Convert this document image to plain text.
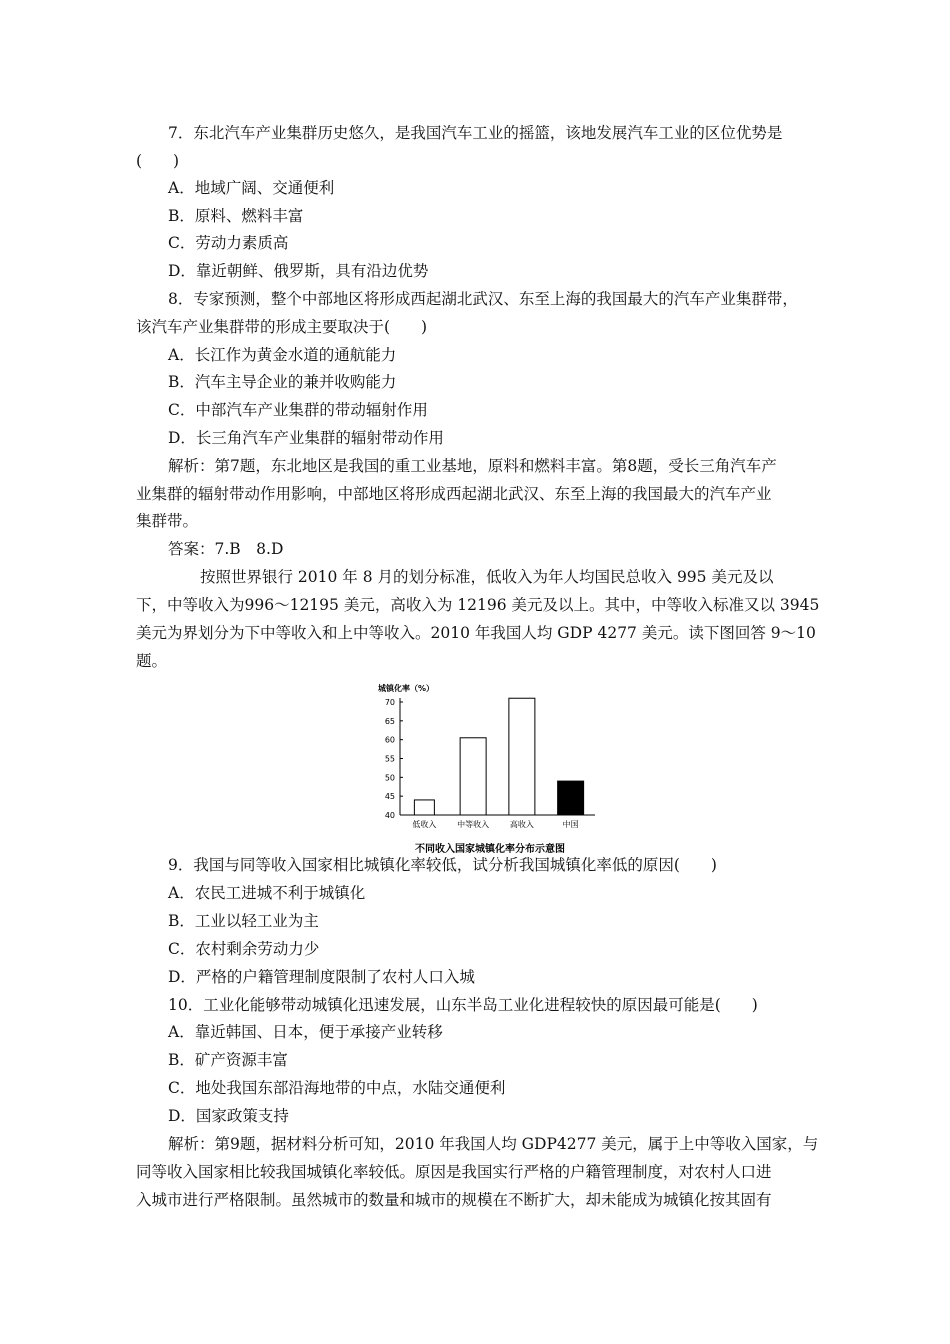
7．东北汽车产业集群历史悠久，是我国汽车工业的摇篮，该地发展汽车工业的区位优势是
(　　)
A．地域广阔、交通便利
B．原料、燃料丰富
C．劳动力素质高
D．靠近朝鲜、俄罗斯，具有沿边优势
8．专家预测，整个中部地区将形成西起湖北武汉、东至上海的我国最大的汽车产业集群带，
该汽车产业集群带的形成主要取决于(　　)
A．长江作为黄金水道的通航能力
B．汽车主导企业的兼并收购能力
C．中部汽车产业集群的带动辐射作用
D．长三角汽车产业集群的辐射带动作用
解析：第7题，东北地区是我国的重工业基地，原料和燃料丰富。第8题，受长三角汽车产
业集群的辐射带动作用影响，中部地区将形成西起湖北武汉、东至上海的我国最大的汽车产业
集群带。
答案：7.B　8.D
按照世界银行 2010 年 8 月的划分标准，低收入为年人均国民总收入 995 美元及以
下，中等收入为996～12195 美元，高收入为 12196 美元及以上。其中，中等收入标准又以 3945
美元为界划分为下中等收入和上中等收入。2010 年我国人均 GDP 4277 美元。读下图回答 9～10
题。
城镇化率（%）
40
45
50
55
60
65
70
低收入	中等收入	高收入	中国
不同收入国家城镇化率分布示意图
9．我国与同等收入国家相比城镇化率较低，试分析我国城镇化率低的原因(　　)
A．农民工进城不利于城镇化
B．工业以轻工业为主
C．农村剩余劳动力少
D．严格的户籍管理制度限制了农村人口入城
10．工业化能够带动城镇化迅速发展，山东半岛工业化进程较快的原因最可能是(　　)
A．靠近韩国、日本，便于承接产业转移
B．矿产资源丰富
C．地处我国东部沿海地带的中点，水陆交通便利
D．国家政策支持
解析：第9题，据材料分析可知，2010 年我国人均 GDP4277 美元，属于上中等收入国家，与
同等收入国家相比较我国城镇化率较低。原因是我国实行严格的户籍管理制度，对农村人口进
入城市进行严格限制。虽然城市的数量和城市的规模在不断扩大，却未能成为城镇化按其固有
